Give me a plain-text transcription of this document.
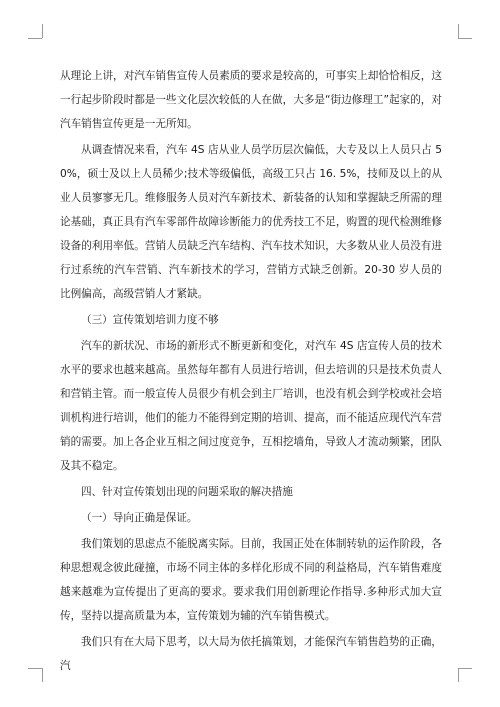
从理论上讲，对汽车销售宣传人员素质的要求是较高的，可事实上却恰恰相反，这一行起步阶段时都是一些文化层次较低的人在做，大多是“街边修理工”起家的，对汽车销售宣传更是一无所知。

从调查情况来看，汽车 4S 店从业人员学历层次偏低，大专及以上人员只占 50%，硕士及以上人员稀少;技术等级偏低，高级工只占 16. 5%，技师及以上的从业人员寥寥无几。维修服务人员对汽车新技术、新装备的认知和掌握缺乏所需的理论基础，真正具有汽车零部件故障诊断能力的优秀技工不足，购置的现代检测维修设备的利用率低。营销人员缺乏汽车结构、汽车技术知识，大多数从业人员没有进行过系统的汽车营销、汽车新技术的学习，营销方式缺乏创新。20-30 岁人员的比例偏高，高级营销人才紧缺。

（三）宣传策划培训力度不够

汽车的新状况、市场的新形式不断更新和变化，对汽车 4S 店宣传人员的技术水平的要求也越来越高。虽然每年都有人员进行培训，但去培训的只是技术负责人和营销主管。而一般宣传人员很少有机会到主厂培训，也没有机会到学校或社会培训机构进行培训，他们的能力不能得到定期的培训、提高，而不能适应现代汽车营销的需要。加上各企业互相之间过度竞争，互相挖墙角，导致人才流动频繁，团队及其不稳定。

四、针对宣传策划出现的问题采取的解决措施

（一）导向正确是保证。

我们策划的思虑点不能脱离实际。目前，我国正处在体制转轨的运作阶段，各种思想观念彼此碰撞，市场不同主体的多样化形成不同的利益格局，汽车销售难度越来越难为宣传提出了更高的要求。要求我们用创新理论作指导.多种形式加大宣传，坚持以提高质量为本，宣传策划为辅的汽车销售模式。

我们只有在大局下思考，以大局为依托搞策划，才能保汽车销售趋势的正确，汽
